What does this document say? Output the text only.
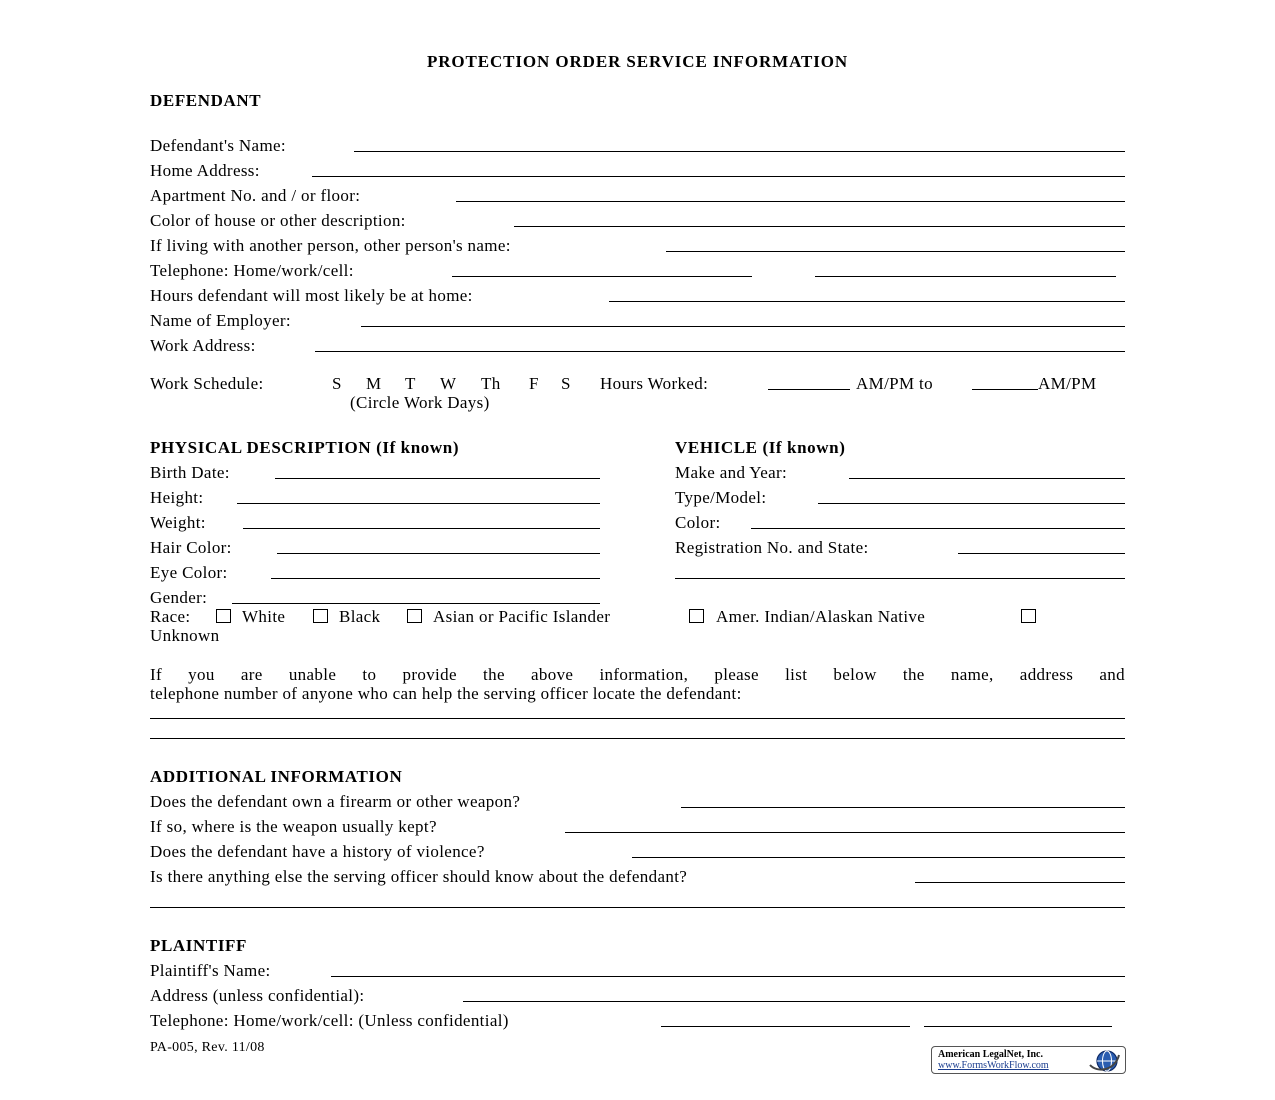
PROTECTION ORDER SERVICE INFORMATION
DEFENDANT
Defendant's Name:
Home Address:
Apartment No. and / or floor:
Color of house or other description:
If living with another person, other person's name:
Telephone: Home/work/cell:
Hours defendant will most likely be at home:
Name of Employer:
Work Address:
Work Schedule:	S M T W Th F S Hours Worked:	AM/PM to	AM/PM
(Circle Work Days)
PHYSICAL DESCRIPTION (If known)
Birth Date:
Height:
Weight:
Hair Color:
Eye Color:
Gender:
VEHICLE (If known)
Make and Year:
Type/Model:
Color:
Registration No. and State:
Race:	White	Black	Asian or Pacific Islander	Amer. Indian/Alaskan Native
Unknown
If you are unable to provide the above information, please list below the name, address and
telephone number of anyone who can help the serving officer locate the defendant:
ADDITIONAL INFORMATION
Does the defendant own a firearm or other weapon?
If so, where is the weapon usually kept?
Does the defendant have a history of violence?
Is there anything else the serving officer should know about the defendant?
PLAINTIFF
Plaintiff's Name:
Address (unless confidential):
Telephone: Home/work/cell: (Unless confidential)
PA-005, Rev. 11/08	American LegalNet, Inc.
www.FormsWorkFlow.com
